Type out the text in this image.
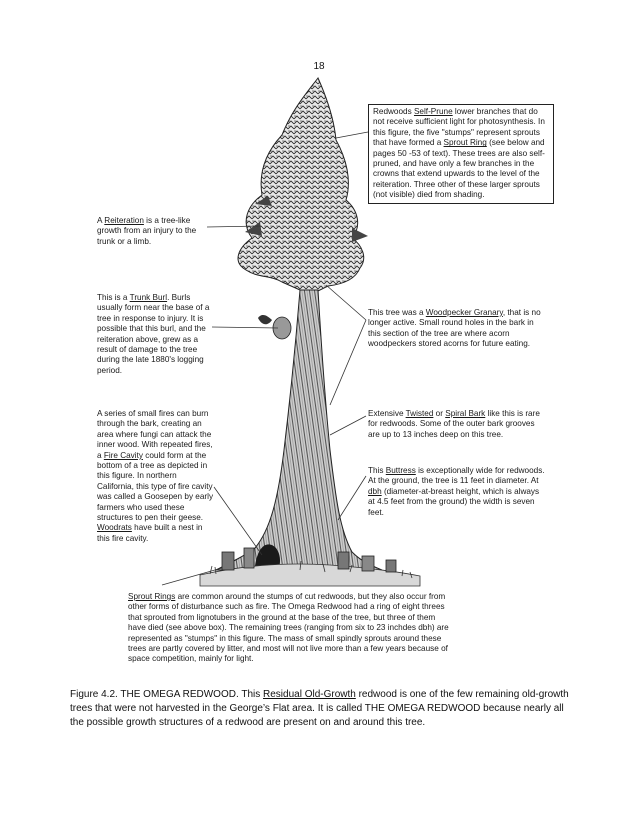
18
Redwoods Self-Prune lower branches that do not receive sufficient light for photosynthesis. In this figure, the five "stumps" represent sprouts that have formed a Sprout Ring (see below and pages 50 -53 of text). These trees are also self-pruned, and have only a few branches in the crowns that extend upwards to the level of the reiteration. Three other of these larger sprouts (not visible) died from shading.
A Reiteration is a tree-like growth from an injury to the trunk or a limb.
This is a Trunk Burl. Burls usually form near the base of a tree in response to injury. It is possible that this burl, and the reiteration above, grew as a result of damage to the tree during the late 1880's logging period.
This tree was a Woodpecker Granary, that is no longer active. Small round holes in the bark in this section of the tree are where acorn woodpeckers stored acorns for future eating.
A series of small fires can burn through the bark, creating an area where fungi can attack the inner wood. With repeated fires, a Fire Cavity could form at the bottom of a tree as depicted in this figure. In northern California, this type of fire cavity was called a Goosepen by early farmers who used these structures to pen their geese. Woodrats have built a nest in this fire cavity.
Extensive Twisted or Spiral Bark like this is rare for redwoods. Some of the outer bark grooves are up to 13 inches deep on this tree.
This Buttress is exceptionally wide for redwoods. At the ground, the tree is 11 feet in diameter. At dbh (diameter-at-breast height, which is always at 4.5 feet from the ground) the width is seven feet.
Sprout Rings are common around the stumps of cut redwoods, but they also occur from other forms of disturbance such as fire. The Omega Redwood had a ring of eight threes that sprouted from lignotubers in the ground at the base of the tree, but three of them have died (see above box). The remaining trees (ranging from six to 23 inchdes dbh) are represented as "stumps" in this figure. The mass of small spindly sprouts around these trees are partly covered by litter, and most will not live more than a few years because of space competition, mainly for light.
Figure 4.2. THE OMEGA REDWOOD. This Residual Old-Growth redwood is one of the few remaining old-growth trees that were not harvested in the George’s Flat area. It is called THE OMEGA REDWOOD because nearly all the possible growth structures of a redwood are present on and around this tree.
